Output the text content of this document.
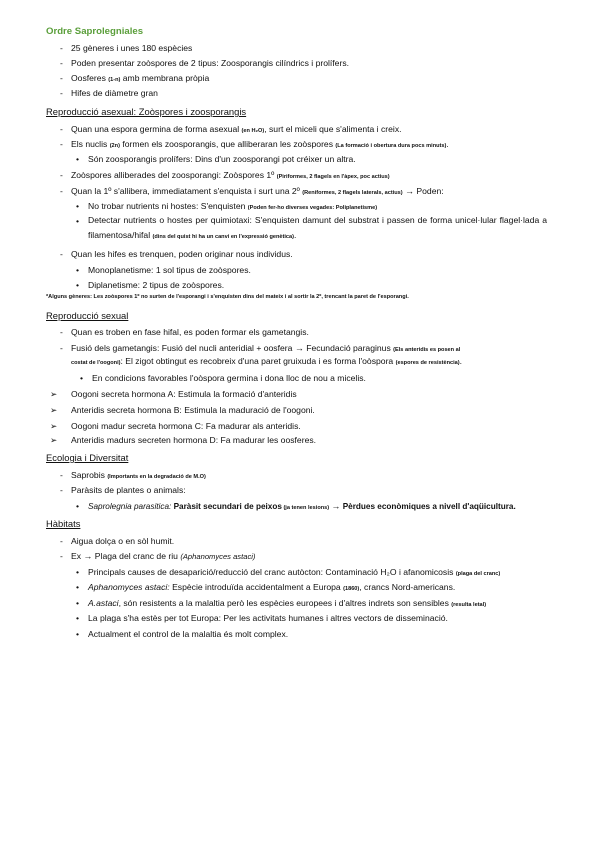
Ordre Saprolegniales
- 25 gèneres i unes 180 espècies
- Poden presentar zoòspores de 2 tipus: Zoosporangis cilíndrics i prolífers.
- Oosferes (1-n) amb membrana pròpia
- Hifes de diàmetre gran
Reproducció asexual: Zoòspores i zoosporangis
- Quan una espora germina de forma asexual (en H₂O), surt el miceli que s'alimenta i creix.
- Els nuclis (2n) formen els zoosporangis, que alliberaran les zoòspores (La formació i obertura dura pocs minuts).
• Són zoosporangis prolífers: Dins d'un zoosporangi pot créixer un altra.
- Zoòspores alliberades del zoosporangi: Zoòspores 1º (Piriformes, 2 flagels en l'àpex, poc actius)
- Quan la 1º s'allibera, immediatament s'enquista i surt una 2º (Reniformes, 2 flagels laterals, actius) → Poden:
• No trobar nutrients ni hostes: S'enquisten (Poden fer-ho diverses vegades: Poliplanetisme)
• Detectar nutrients o hostes per quimiotaxi: S'enquisten damunt del substrat i passen de forma unicel·lular flagel·lada a filamentosa/hifal (dins del quist hi ha un canvi en l'expressió genètica).
- Quan les hifes es trenquen, poden originar nous individus.
• Monoplanetisme: 1 sol tipus de zoòspores.
• Diplanetisme: 2 tipus de zoòspores.
*Alguns gèneres: Les zoòspores 1º no surten de l'esporangi i s'enquisten dins del mateix i al sortir la 2º, trencant la paret de l'esporangi.
Reproducció sexual
- Quan es troben en fase hifal, es poden formar els gametangis.
- Fusió dels gametangis: Fusió del nucli anteridial + oosfera → Fecundació paraginus (Els anteridis es posen al
costat de l'oogoni): El zigot obtingut es recobreix d'una paret gruixuda i es forma l'oòspora (espores de resistència).
• En condicions favorables l'oòspora germina i dona lloc de nou a micelis.
➢ Oogoni secreta hormona A: Estimula la formació d'anteridis
➢ Anteridis secreta hormona B: Estimula la maduració de l'oogoni.
➢ Oogoni madur secreta hormona C: Fa madurar als anteridis.
➢ Anteridis madurs secreten hormona D: Fa madurar les oosferes.
Ecologia i Diversitat
- Saprobis (Importants en la degradació de M.O)
- Paràsits de plantes o animals:
• Saprolegnia parasitica: Paràsit secundari de peixos (ja tenen lesions) → Pèrdues econòmiques a nivell d'aqüicultura.
Hàbitats
- Aigua dolça o en sòl humit.
- Ex → Plaga del cranc de riu (Aphanomyces astaci)
• Principals causes de desaparició/reducció del cranc autòcton: Contaminació H₂O i afanomicosis (plaga del cranc)
• Aphanomyces astaci: Espècie introduïda accidentalment a Europa (1860), crancs Nord-americans.
• A.astaci, són resistents a la malaltia però les espècies europees i d'altres indrets son sensibles (resulta letal)
• La plaga s'ha estès per tot Europa: Per les activitats humanes i altres vectors de disseminació.
• Actualment el control de la malaltia és molt complex.
